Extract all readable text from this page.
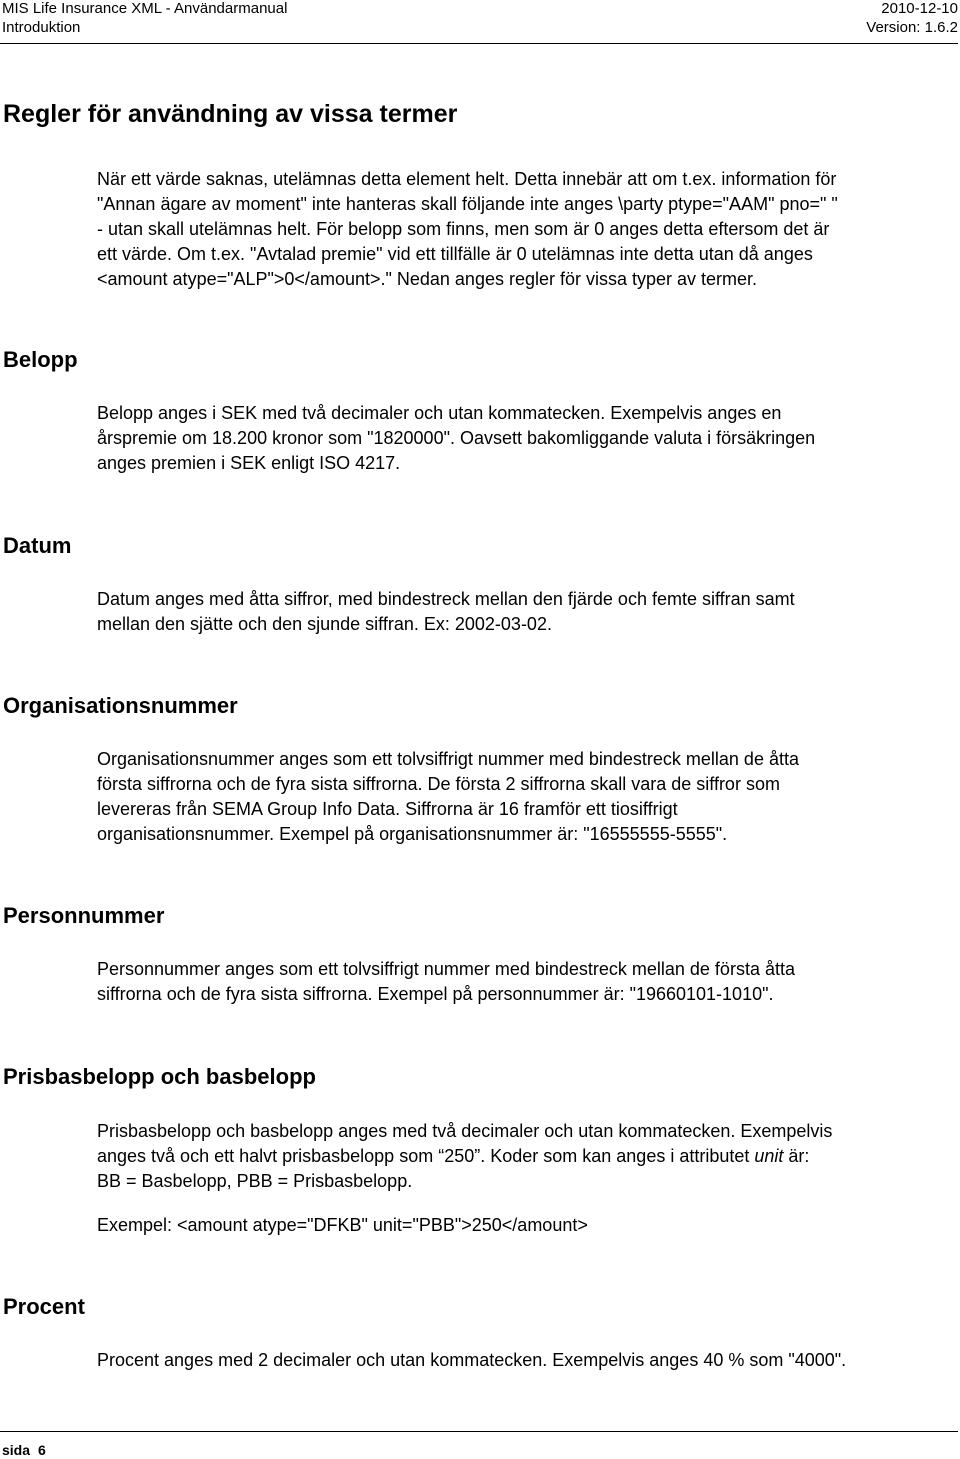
MIS Life Insurance XML - Användarmanual	2010-12-10
Introduktion	Version: 1.6.2
Regler för användning av vissa termer

När ett värde saknas, utelämnas detta element helt. Detta innebär att om t.ex. information för
"Annan ägare av moment" inte hanteras skall följande inte anges \party ptype="AAM" pno=" "
- utan skall utelämnas helt. För belopp som finns, men som är 0 anges detta eftersom det är
ett värde. Om t.ex. "Avtalad premie" vid ett tillfälle är 0 utelämnas inte detta utan då anges
<amount atype="ALP">0</amount>." Nedan anges regler för vissa typer av termer.

Belopp

Belopp anges i SEK med två decimaler och utan kommatecken. Exempelvis anges en
årspremie om 18.200 kronor som "1820000". Oavsett bakomliggande valuta i försäkringen
anges premien i SEK enligt ISO 4217.

Datum

Datum anges med åtta siffror, med bindestreck mellan den fjärde och femte siffran samt
mellan den sjätte och den sjunde siffran. Ex: 2002-03-02.

Organisationsnummer

Organisationsnummer anges som ett tolvsiffrigt nummer med bindestreck mellan de åtta
första siffrorna och de fyra sista siffrorna. De första 2 siffrorna skall vara de siffror som
levereras från SEMA Group Info Data. Siffrorna är 16 framför ett tiosiffrigt
organisationsnummer. Exempel på organisationsnummer är: "16555555-5555".

Personnummer

Personnummer anges som ett tolvsiffrigt nummer med bindestreck mellan de första åtta
siffrorna och de fyra sista siffrorna. Exempel på personnummer är: "19660101-1010".

Prisbasbelopp och basbelopp

Prisbasbelopp och basbelopp anges med två decimaler och utan kommatecken. Exempelvis
anges två och ett halvt prisbasbelopp som “250”. Koder som kan anges i attributet unit är:
BB = Basbelopp, PBB = Prisbasbelopp.

Exempel: <amount atype="DFKB" unit="PBB">250</amount>

Procent

Procent anges med 2 decimaler och utan kommatecken. Exempelvis anges 40 % som "4000".

sida 6
